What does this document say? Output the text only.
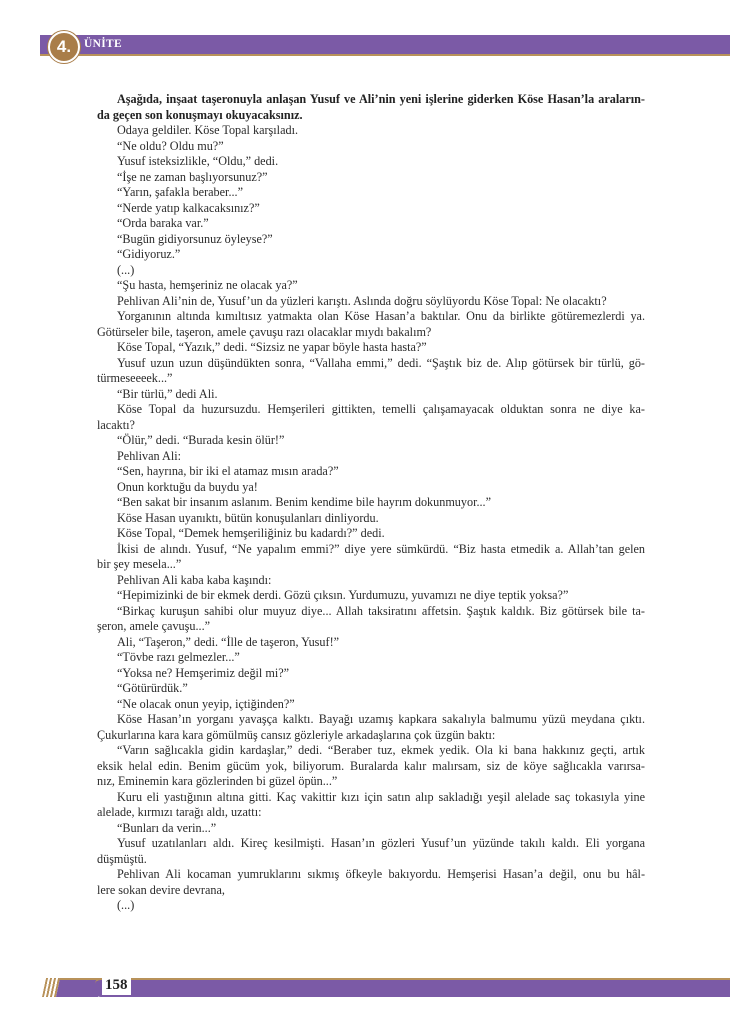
4.	ÜNİTE
Aşağıda, inşaat taşeronuyla anlaşan Yusuf ve Ali’nin yeni işlerine giderken Köse Hasan’la araların-
da geçen son konuşmayı okuyacaksınız.
Odaya geldiler. Köse Topal karşıladı.
“Ne oldu? Oldu mu?”
Yusuf isteksizlikle, “Oldu,” dedi.
“İşe ne zaman başlıyorsunuz?”
“Yarın, şafakla beraber...”
“Nerde yatıp kalkacaksınız?”
“Orda baraka var.”
“Bugün gidiyorsunuz öyleyse?”
“Gidiyoruz.”
(...)
“Şu hasta, hemşeriniz ne olacak ya?”
Pehlivan Ali’nin de, Yusuf’un da yüzleri karıştı. Aslında doğru söylüyordu Köse Topal: Ne olacaktı?
Yorganının altında kımıltısız yatmakta olan Köse Hasan’a baktılar. Onu da birlikte götüremezlerdi ya.
Götürseler bile, taşeron, amele çavuşu razı olacaklar mıydı bakalım?
Köse Topal, “Yazık,” dedi. “Sizsiz ne yapar böyle hasta hasta?”
Yusuf uzun uzun düşündükten sonra, “Vallaha emmi,” dedi. “Şaştık biz de. Alıp götürsek bir türlü, gö-
türmeseeeek...”
“Bir türlü,” dedi Ali.
Köse Topal da huzursuzdu. Hemşerileri gittikten, temelli çalışamayacak olduktan sonra ne diye ka-
lacaktı?
“Ölür,” dedi. “Burada kesin ölür!”
Pehlivan Ali:
“Sen, hayrına, bir iki el atamaz mısın arada?”
Onun korktuğu da buydu ya!
“Ben sakat bir insanım aslanım. Benim kendime bile hayrım dokunmuyor...”
Köse Hasan uyanıktı, bütün konuşulanları dinliyordu.
Köse Topal, “Demek hemşeriliğiniz bu kadardı?” dedi.
İkisi de alındı. Yusuf, “Ne yapalım emmi?” diye yere sümkürdü. “Biz hasta etmedik a. Allah’tan gelen
bir şey mesela...”
Pehlivan Ali kaba kaba kaşındı:
“Hepimizinki de bir ekmek derdi. Gözü çıksın. Yurdumuzu, yuvamızı ne diye teptik yoksa?”
“Birkaç kuruşun sahibi olur muyuz diye... Allah taksiratını affetsin. Şaştık kaldık. Biz götürsek bile ta-
şeron, amele çavuşu...”
Ali, “Taşeron,” dedi. “İlle de taşeron, Yusuf!”
“Tövbe razı gelmezler...”
“Yoksa ne? Hemşerimiz değil mi?”
“Götürürdük.”
“Ne olacak onun yeyip, içtiğinden?”
Köse Hasan’ın yorganı yavaşça kalktı. Bayağı uzamış kapkara sakalıyla balmumu yüzü meydana çıktı.
Çukurlarına kara kara gömülmüş cansız gözleriyle arkadaşlarına çok üzgün baktı:
“Varın sağlıcakla gidin kardaşlar,” dedi. “Beraber tuz, ekmek yedik. Ola ki bana hakkınız geçti, artık
eksik helal edin. Benim gücüm yok, biliyorum. Buralarda kalır malırsam, siz de köye sağlıcakla varırsa-
nız, Eminemin kara gözlerinden bi güzel öpün...”
Kuru eli yastığının altına gitti. Kaç vakittir kızı için satın alıp sakladığı yeşil alelade saç tokasıyla yine
alelade, kırmızı tarağı aldı, uzattı:
“Bunları da verin...”
Yusuf uzatılanları aldı. Kireç kesilmişti. Hasan’ın gözleri Yusuf’un yüzünde takılı kaldı. Eli yorgana
düşmüştü.
Pehlivan Ali kocaman yumruklarını sıkmış öfkeyle bakıyordu. Hemşerisi Hasan’a değil, onu bu hâl-
lere sokan devire devrana,
(...)
158
